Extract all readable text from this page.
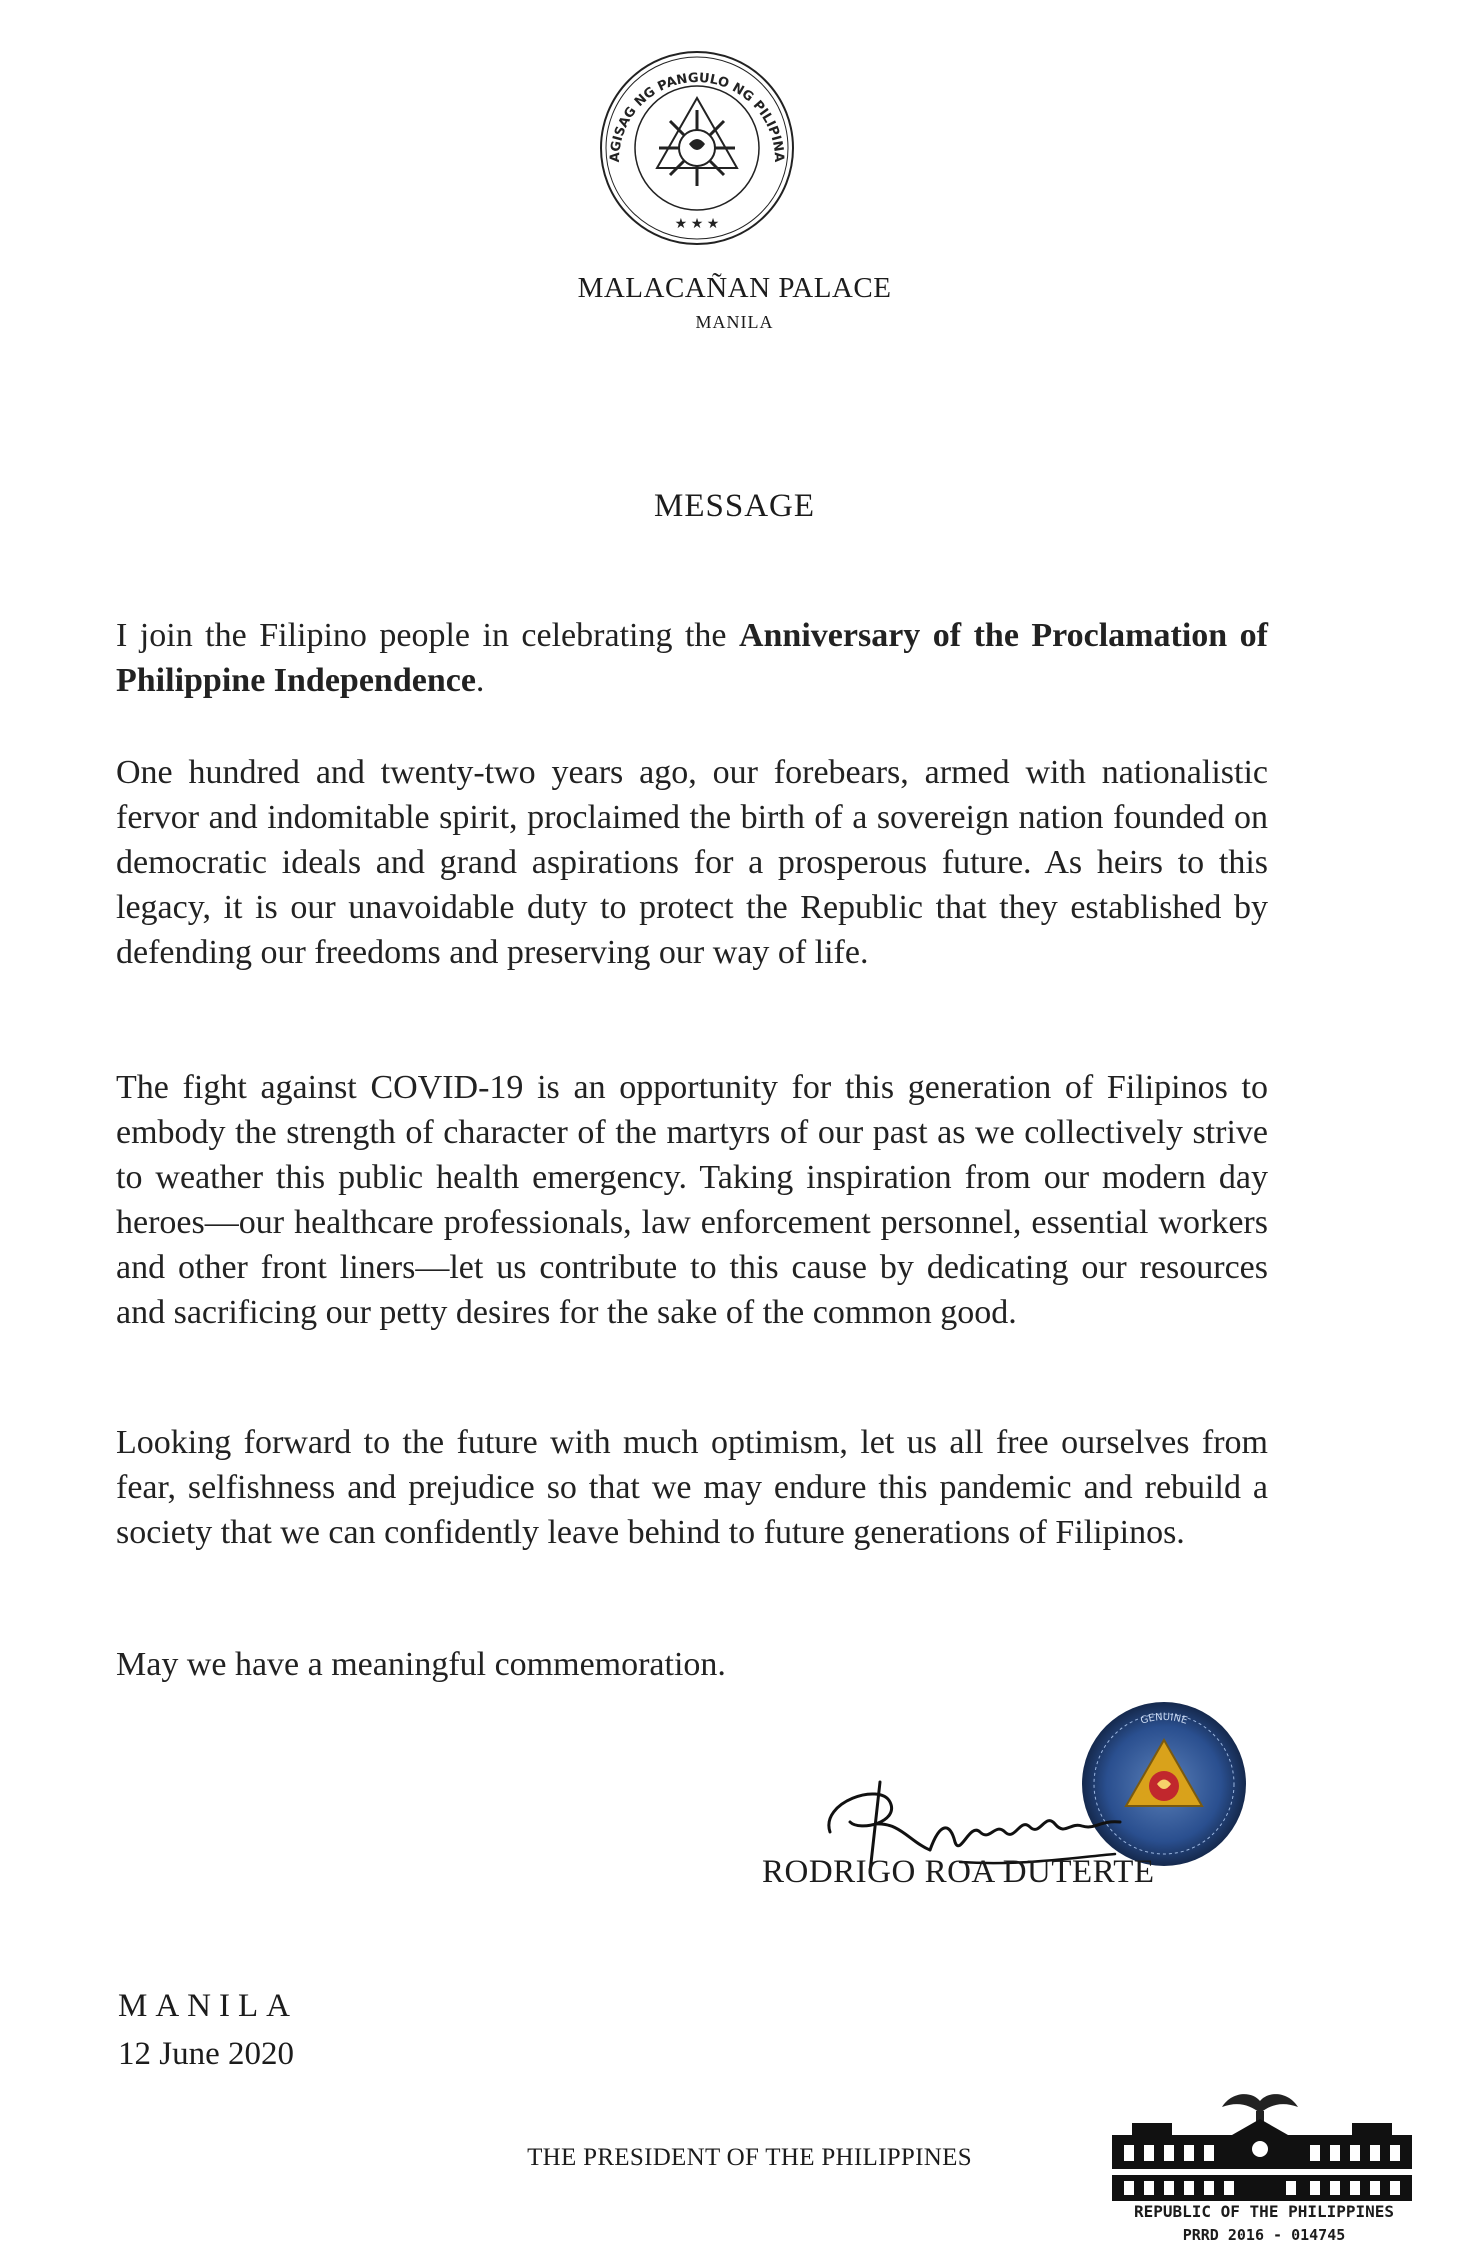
AGISAG NG PANGULO NG PILIPINA
★ ★ ★
MALACAÑAN PALACE
MANILA
MESSAGE

I join the Filipino people in celebrating the Anniversary of the Proclamation of Philippine Independence.

One hundred and twenty-two years ago, our forebears, armed with nationalistic fervor and indomitable spirit, proclaimed the birth of a sovereign nation founded on democratic ideals and grand aspirations for a prosperous future. As heirs to this legacy, it is our unavoidable duty to protect the Republic that they established by defending our freedoms and preserving our way of life.

The fight against COVID-19 is an opportunity for this generation of Filipinos to embody the strength of character of the martyrs of our past as we collectively strive to weather this public health emergency. Taking inspiration from our modern day heroes—our healthcare professionals, law enforcement personnel, essential workers and other front liners—let us contribute to this cause by dedicating our resources and sacrificing our petty desires for the sake of the common good.

Looking forward to the future with much optimism, let us all free ourselves from fear, selfishness and prejudice so that we may endure this pandemic and rebuild a society that we can confidently leave behind to future generations of Filipinos.

May we have a meaningful commemoration.

GENUINE
RODRIGO ROA DUTERTE
MANILA
12 June 2020
THE PRESIDENT OF THE PHILIPPINES
REPUBLIC OF THE PHILIPPINES
PRRD 2016 - 014745
